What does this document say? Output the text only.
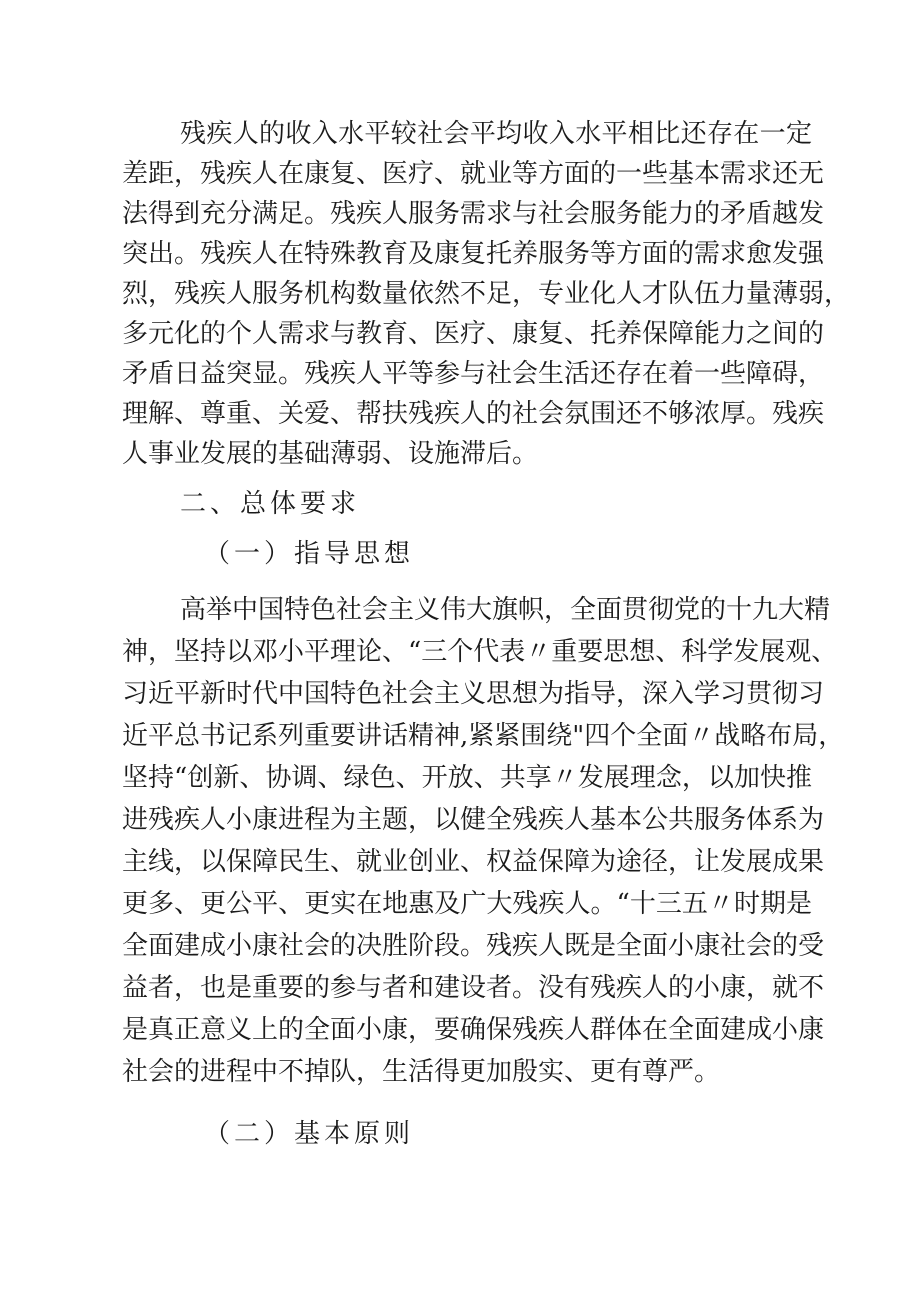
残疾人的收入水平较社会平均收入水平相比还存在一定
差距，残疾人在康复、医疗、就业等方面的一些基本需求还无
法得到充分满足。残疾人服务需求与社会服务能力的矛盾越发
突出。残疾人在特殊教育及康复托养服务等方面的需求愈发强
烈，残疾人服务机构数量依然不足，专业化人才队伍力量薄弱，
多元化的个人需求与教育、医疗、康复、托养保障能力之间的
矛盾日益突显。残疾人平等参与社会生活还存在着一些障碍，
理解、尊重、关爱、帮扶残疾人的社会氛围还不够浓厚。残疾
人事业发展的基础薄弱、设施滞后。
二、总体要求
（一）指导思想
高举中国特色社会主义伟大旗帜，全面贯彻党的十九大精
神，坚持以邓小平理论、“三个代表〃重要思想、科学发展观、
习近平新时代中国特色社会主义思想为指导，深入学习贯彻习
近平总书记系列重要讲话精神,紧紧围绕"四个全面〃战略布局，
坚持“创新、协调、绿色、开放、共享〃发展理念，以加快推
进残疾人小康进程为主题，以健全残疾人基本公共服务体系为
主线，以保障民生、就业创业、权益保障为途径，让发展成果
更多、更公平、更实在地惠及广大残疾人。“十三五〃时期是
全面建成小康社会的决胜阶段。残疾人既是全面小康社会的受
益者，也是重要的参与者和建设者。没有残疾人的小康，就不
是真正意义上的全面小康，要确保残疾人群体在全面建成小康
社会的进程中不掉队，生活得更加殷实、更有尊严。
（二）基本原则
